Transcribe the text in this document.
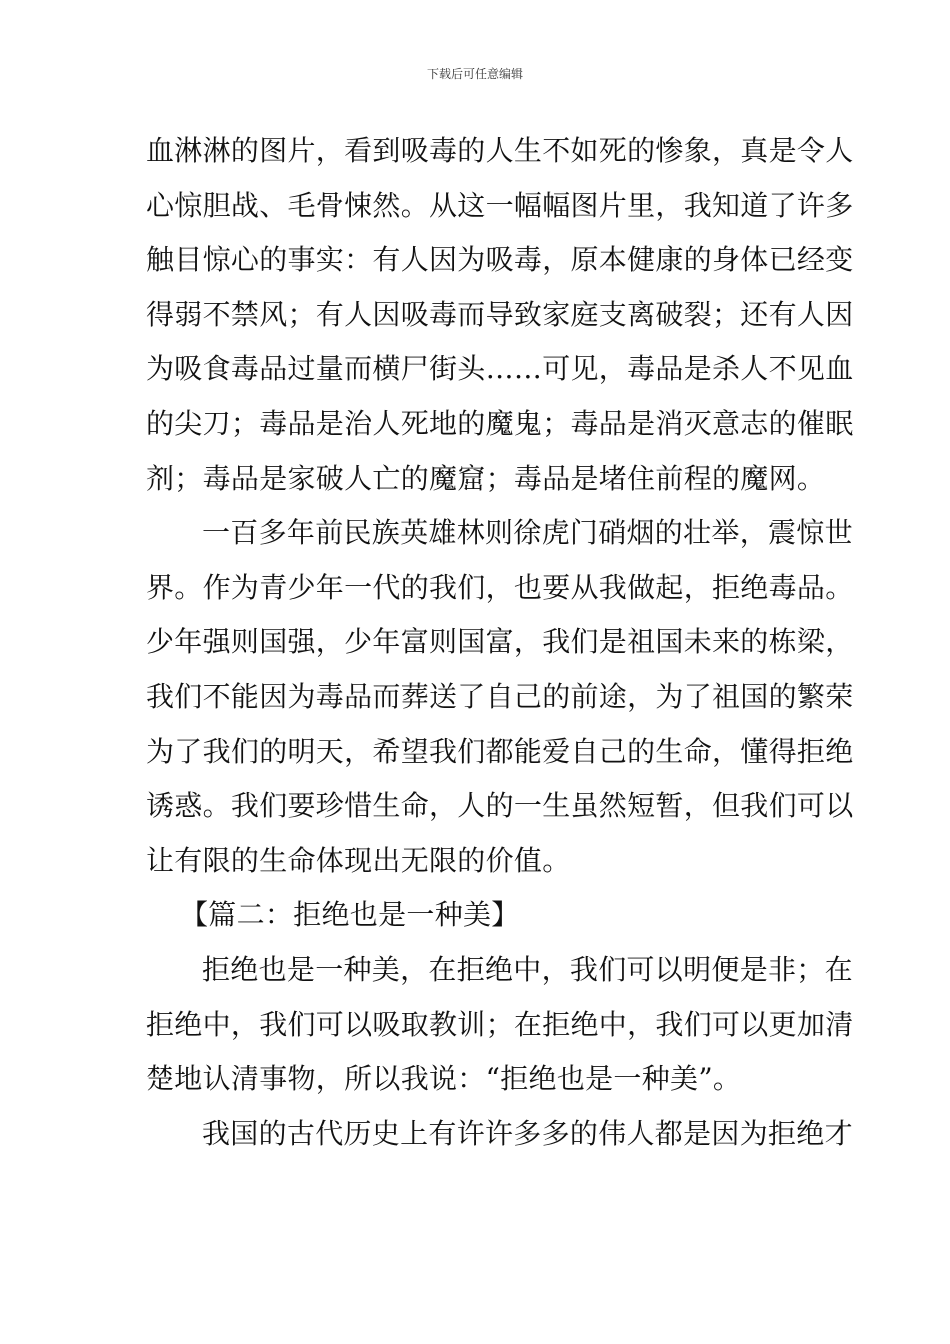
下载后可任意编辑
血淋淋的图片，看到吸毒的人生不如死的惨象，真是令人
心惊胆战、毛骨悚然。从这一幅幅图片里，我知道了许多
触目惊心的事实：有人因为吸毒，原本健康的身体已经变
得弱不禁风；有人因吸毒而导致家庭支离破裂；还有人因
为吸食毒品过量而横尸街头……可见，毒品是杀人不见血
的尖刀；毒品是治人死地的魔鬼；毒品是消灭意志的催眠
剂；毒品是家破人亡的魔窟；毒品是堵住前程的魔网。
一百多年前民族英雄林则徐虎门硝烟的壮举，震惊世
界。作为青少年一代的我们，也要从我做起，拒绝毒品。
少年强则国强，少年富则国富，我们是祖国未来的栋梁，
我们不能因为毒品而葬送了自己的前途，为了祖国的繁荣
为了我们的明天，希望我们都能爱自己的生命，懂得拒绝
诱惑。我们要珍惜生命，人的一生虽然短暂，但我们可以
让有限的生命体现出无限的价值。
【篇二：拒绝也是一种美】
拒绝也是一种美，在拒绝中，我们可以明便是非；在
拒绝中，我们可以吸取教训；在拒绝中，我们可以更加清
楚地认清事物，所以我说：“拒绝也是一种美”。
我国的古代历史上有许许多多的伟人都是因为拒绝才
